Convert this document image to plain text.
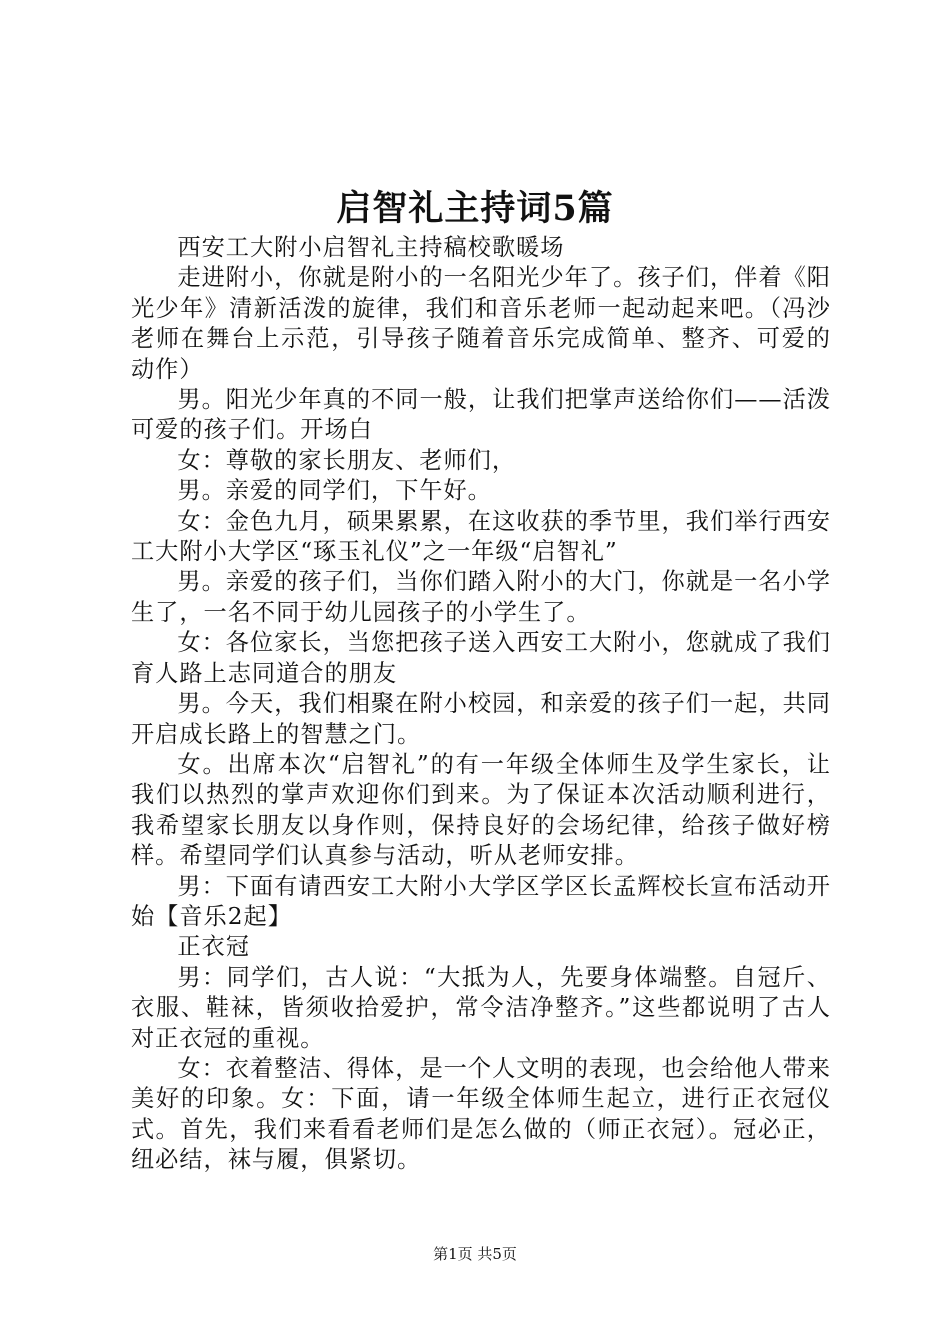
启智礼主持词5篇

西安工大附小启智礼主持稿校歌暖场

走进附小，你就是附小的一名阳光少年了。孩子们，伴着《阳光少年》清新活泼的旋律，我们和音乐老师一起动起来吧。（冯沙老师在舞台上示范，引导孩子随着音乐完成简单、整齐、可爱的动作）

男。阳光少年真的不同一般，让我们把掌声送给你们——活泼可爱的孩子们。开场白

女：尊敬的家长朋友、老师们，

男。亲爱的同学们，下午好。

女：金色九月，硕果累累，在这收获的季节里，我们举行西安工大附小大学区“琢玉礼仪”之一年级“启智礼”

男。亲爱的孩子们，当你们踏入附小的大门，你就是一名小学生了，一名不同于幼儿园孩子的小学生了。

女：各位家长，当您把孩子送入西安工大附小，您就成了我们育人路上志同道合的朋友

男。今天，我们相聚在附小校园，和亲爱的孩子们一起，共同开启成长路上的智慧之门。

女。出席本次“启智礼”的有一年级全体师生及学生家长，让我们以热烈的掌声欢迎你们到来。为了保证本次活动顺利进行，我希望家长朋友以身作则，保持良好的会场纪律，给孩子做好榜样。希望同学们认真参与活动，听从老师安排。

男：下面有请西安工大附小大学区学区长孟辉校长宣布活动开始【音乐2起】

正衣冠

男：同学们，古人说：“大抵为人，先要身体端整。自冠斤、衣服、鞋袜，皆须收拾爱护，常令洁净整齐。”这些都说明了古人对正衣冠的重视。

女：衣着整洁、得体，是一个人文明的表现，也会给他人带来美好的印象。女：下面，请一年级全体师生起立，进行正衣冠仪式。首先，我们来看看老师们是怎么做的（师正衣冠）。冠必正，纽必结，袜与履，俱紧切。

第1页 共5页
